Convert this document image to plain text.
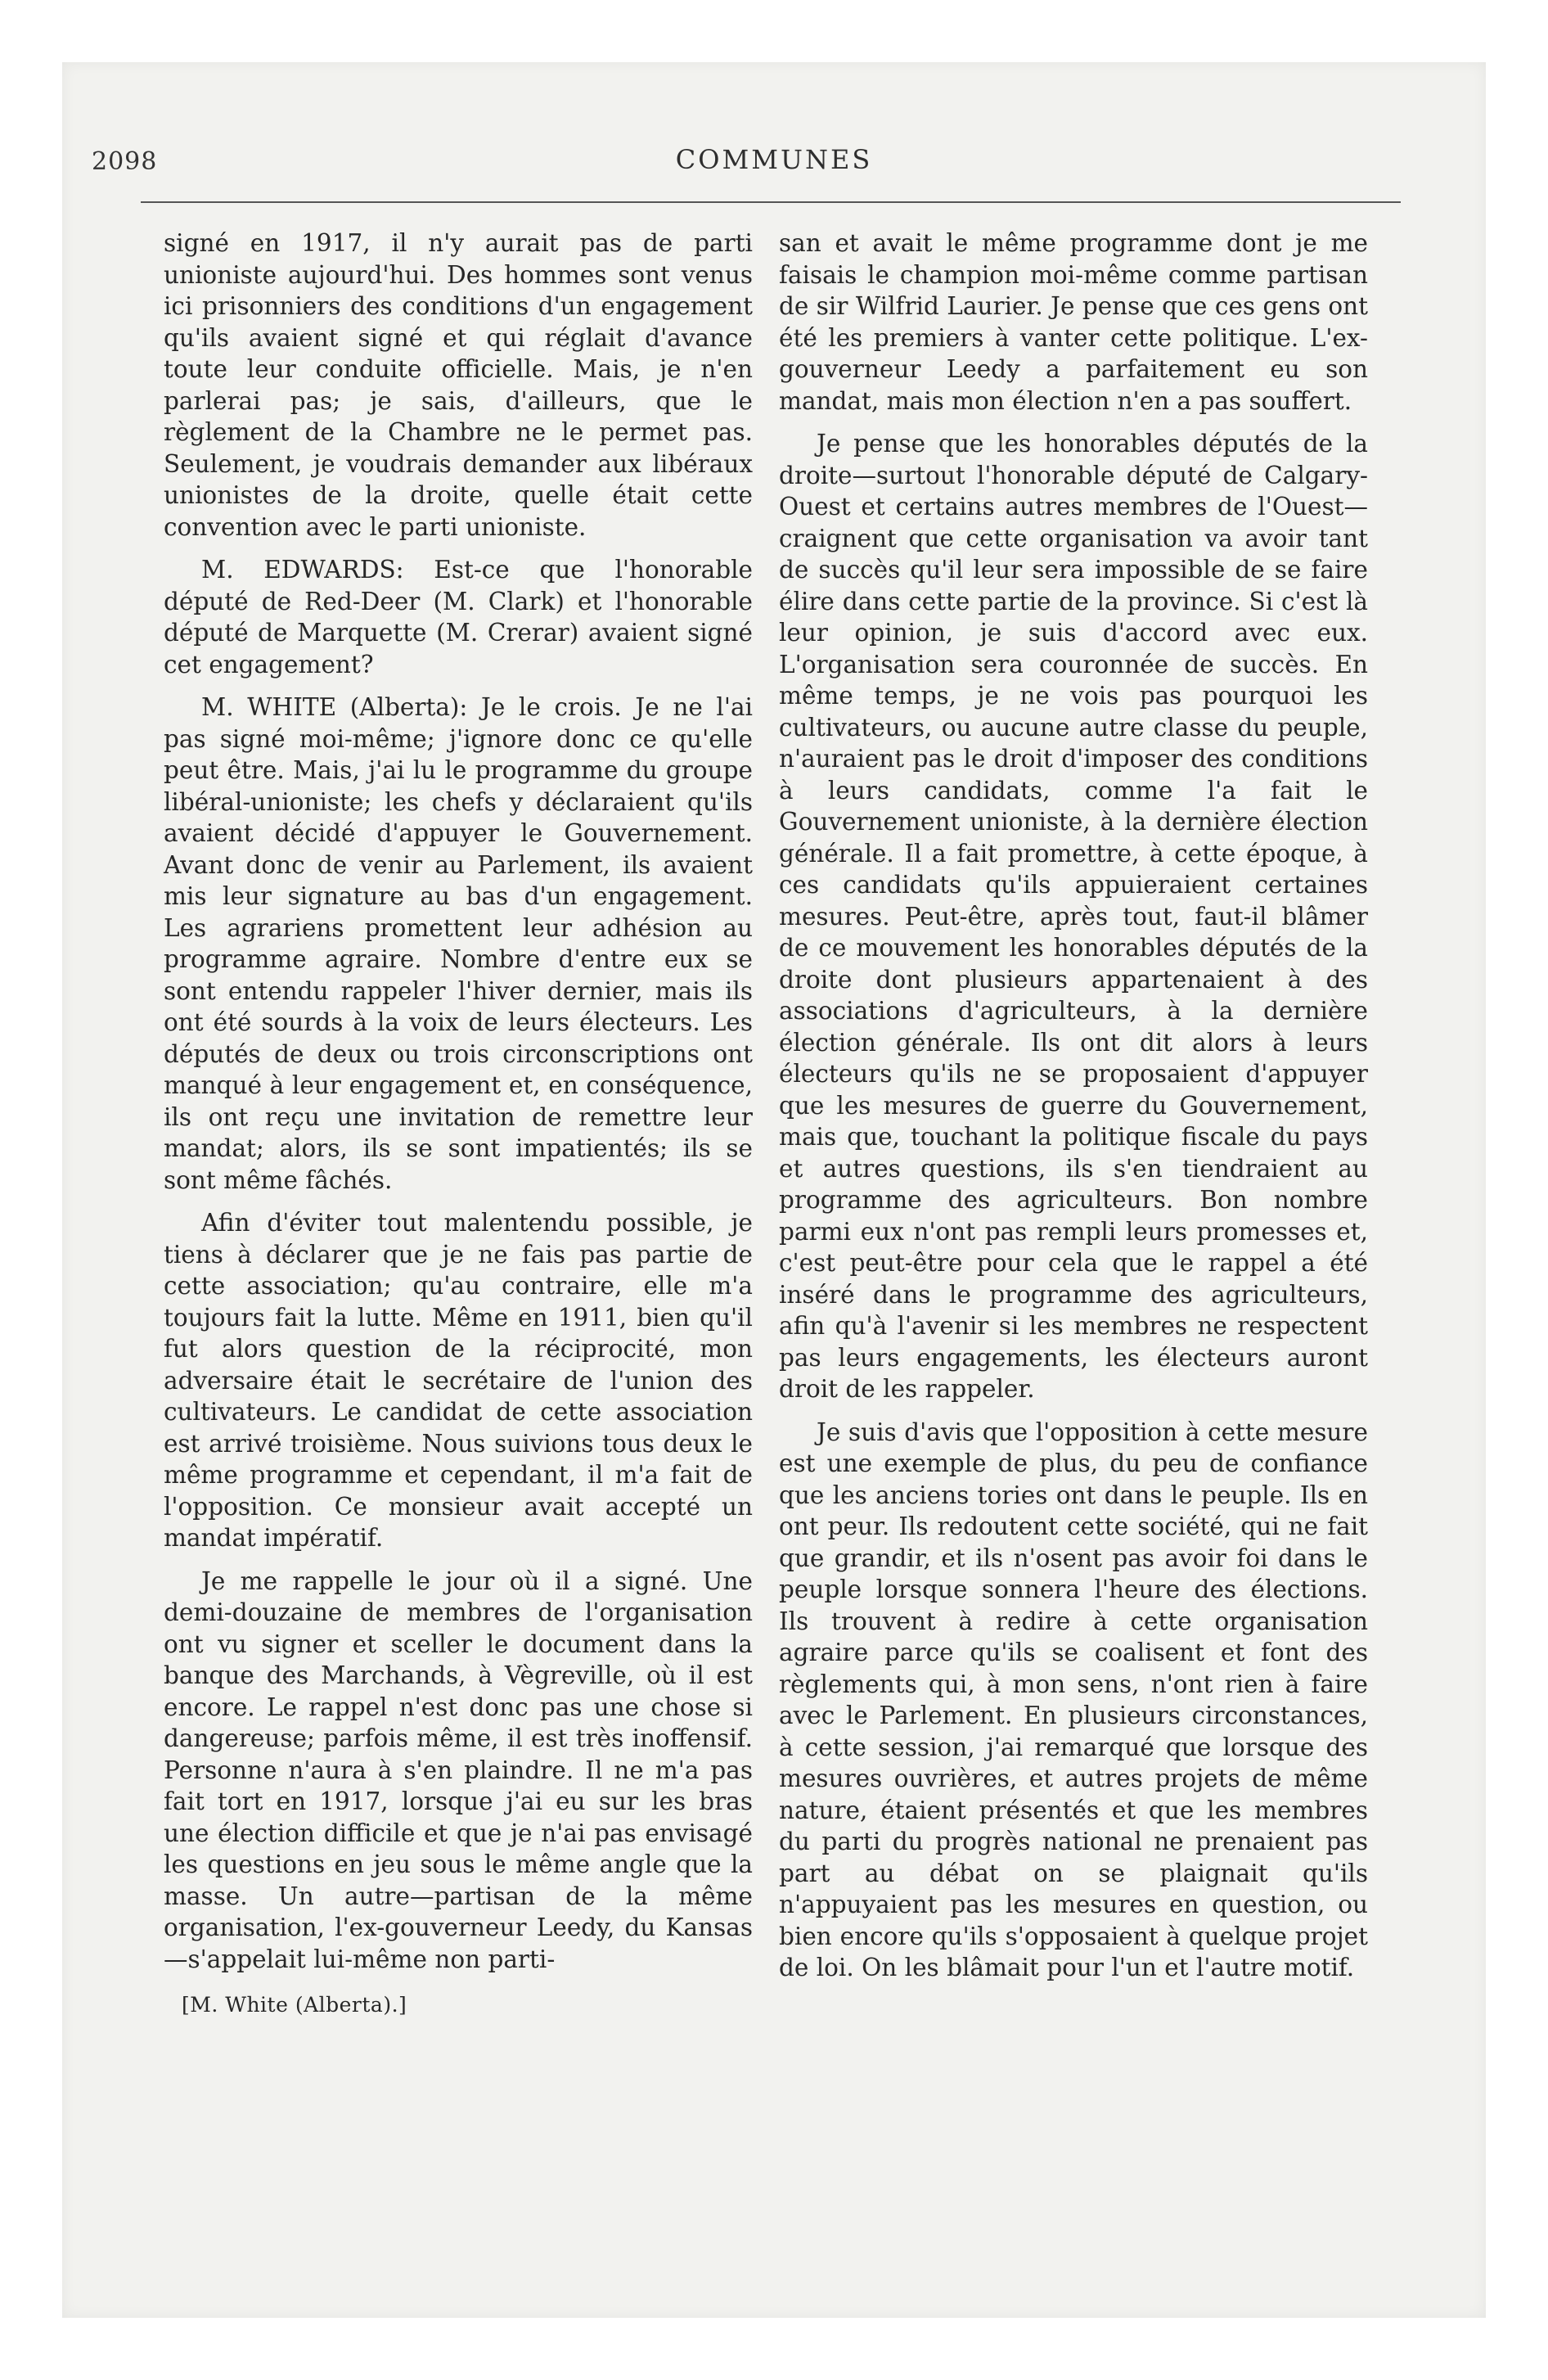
2098	COMMUNES

signé en 1917, il n'y aurait pas de parti unioniste aujourd'hui. Des hommes sont venus ici prisonniers des conditions d'un engagement qu'ils avaient signé et qui réglait d'avance toute leur conduite officielle. Mais, je n'en parlerai pas; je sais, d'ailleurs, que le règlement de la Chambre ne le permet pas. Seulement, je voudrais demander aux libéraux unionistes de la droite, quelle était cette convention avec le parti unioniste.

M. EDWARDS: Est-ce que l'honorable député de Red-Deer (M. Clark) et l'honorable député de Marquette (M. Crerar) avaient signé cet engagement?

M. WHITE (Alberta): Je le crois. Je ne l'ai pas signé moi-même; j'ignore donc ce qu'elle peut être. Mais, j'ai lu le programme du groupe libéral-unioniste; les chefs y déclaraient qu'ils avaient décidé d'appuyer le Gouvernement. Avant donc de venir au Parlement, ils avaient mis leur signature au bas d'un engagement. Les agrariens promettent leur adhésion au programme agraire. Nombre d'entre eux se sont entendu rappeler l'hiver dernier, mais ils ont été sourds à la voix de leurs électeurs. Les députés de deux ou trois circonscriptions ont manqué à leur engagement et, en conséquence, ils ont reçu une invitation de remettre leur mandat; alors, ils se sont impatientés; ils se sont même fâchés.

Afin d'éviter tout malentendu possible, je tiens à déclarer que je ne fais pas partie de cette association; qu'au contraire, elle m'a toujours fait la lutte. Même en 1911, bien qu'il fut alors question de la réciprocité, mon adversaire était le secrétaire de l'union des cultivateurs. Le candidat de cette association est arrivé troisième. Nous suivions tous deux le même programme et cependant, il m'a fait de l'opposition. Ce monsieur avait accepté un mandat impératif.

Je me rappelle le jour où il a signé. Une demi-douzaine de membres de l'organisation ont vu signer et sceller le document dans la banque des Marchands, à Vègreville, où il est encore. Le rappel n'est donc pas une chose si dangereuse; parfois même, il est très inoffensif. Personne n'aura à s'en plaindre. Il ne m'a pas fait tort en 1917, lorsque j'ai eu sur les bras une élection difficile et que je n'ai pas envisagé les questions en jeu sous le même angle que la masse. Un autre—partisan de la même organisation, l'ex-gouverneur Leedy, du Kansas—s'appelait lui-même non parti-

[M. White (Alberta).]

san et avait le même programme dont je me faisais le champion moi-même comme partisan de sir Wilfrid Laurier. Je pense que ces gens ont été les premiers à vanter cette politique. L'ex-gouverneur Leedy a parfaitement eu son mandat, mais mon élection n'en a pas souffert.

Je pense que les honorables députés de la droite—surtout l'honorable député de Calgary-Ouest et certains autres membres de l'Ouest—craignent que cette organisation va avoir tant de succès qu'il leur sera impossible de se faire élire dans cette partie de la province. Si c'est là leur opinion, je suis d'accord avec eux. L'organisation sera couronnée de succès. En même temps, je ne vois pas pourquoi les cultivateurs, ou aucune autre classe du peuple, n'auraient pas le droit d'imposer des conditions à leurs candidats, comme l'a fait le Gouvernement unioniste, à la dernière élection générale. Il a fait promettre, à cette époque, à ces candidats qu'ils appuieraient certaines mesures. Peut-être, après tout, faut-il blâmer de ce mouvement les honorables députés de la droite dont plusieurs appartenaient à des associations d'agriculteurs, à la dernière élection générale. Ils ont dit alors à leurs électeurs qu'ils ne se proposaient d'appuyer que les mesures de guerre du Gouvernement, mais que, touchant la politique fiscale du pays et autres questions, ils s'en tiendraient au programme des agriculteurs. Bon nombre parmi eux n'ont pas rempli leurs promesses et, c'est peut-être pour cela que le rappel a été inséré dans le programme des agriculteurs, afin qu'à l'avenir si les membres ne respectent pas leurs engagements, les électeurs auront droit de les rappeler.

Je suis d'avis que l'opposition à cette mesure est une exemple de plus, du peu de confiance que les anciens tories ont dans le peuple. Ils en ont peur. Ils redoutent cette société, qui ne fait que grandir, et ils n'osent pas avoir foi dans le peuple lorsque sonnera l'heure des élections. Ils trouvent à redire à cette organisation agraire parce qu'ils se coalisent et font des règlements qui, à mon sens, n'ont rien à faire avec le Parlement. En plusieurs circonstances, à cette session, j'ai remarqué que lorsque des mesures ouvrières, et autres projets de même nature, étaient présentés et que les membres du parti du progrès national ne prenaient pas part au débat on se plaignait qu'ils n'appuyaient pas les mesures en question, ou bien encore qu'ils s'opposaient à quelque projet de loi. On les blâmait pour l'un et l'autre motif.
